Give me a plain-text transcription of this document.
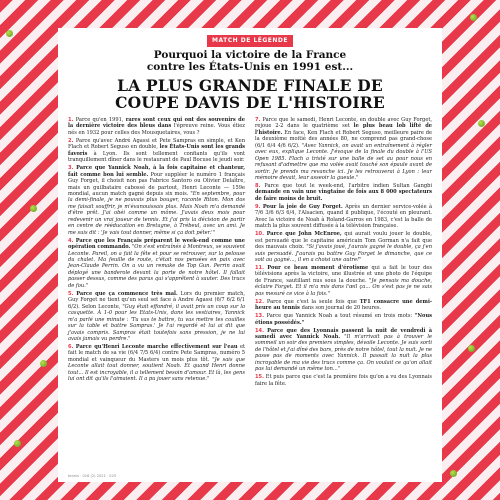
MATCH DE LÉGENDE

Pourquoi la victoire de la France
contre les États-Unis en 1991 est...
LA PLUS GRANDE FINALE DE
COUPE DAVIS DE L'HISTOIRE

1. Parce qu'en 1991, rares sont ceux qui ont des souvenirs de la dernière victoire des bleus dans l'épreuve reine. Vous étiez nés en 1932 pour celles des Mousquetaires, vous ?

2. Parce qu'avec André Agassi et Pete Sampras en simple, et Ken Flach et Robert Seguso en double, les États-Unis sont les grands favoris à Lyon. Ils sont tellement confiants qu'ils vont tranquillement dîner dans le restaurant de Paul Bocuse le jeudi soir.

3. Parce que Yannick Noah, à la fois capitaine et chanteur, fait comme bon lui semble. Pour suppléer le numéro 1 français Guy Forget, il choisit non pas Fabrice Santoro ou Olivier Delaître, mais un guilbataire cabossé de partout, Henri Leconte — 159e mondial, aucun match gagné depuis six mois. "En septembre, pour la demi-finale, je ne pouvais plus bouger, raconte Riton. Mon dos me faisait souffrir, je m'évanouissais plus. Mais Noah m'a demandé d'être prêt. J'ai obéi comme un môme. J'avais deux mois pour redevenir un vrai joueur de tennis. Et j'ai pris la décision de partir en centre de rééducation en Bretagne, à Trébeul, avec un ami. Je me suis dit : 'Je vais tout donner, même si ça doit péter.'"

4. Parce que les Français préparent le week-end comme une opération commando. "On s'est entraînés à Montreux, se souvient Leconte. Pareil, on a fait la fête et pour se retrouver, sur la pelouse du chalet. Ma feuille de route, c'était nos pensées en paix avec Jean-Claude Perrin. On a vu un remake de Top Gun. Perrin avait déployé une banderole devant la porte de notre hôtel. Il fallait passer dessus, comme des paras qui s'apprêtent à sauter. Des trucs de fou."

5. Parce que ça commence très mal. Lors du premier match, Guy Forget ne tient qu'un seul set face à Andre Agassi (6/7 6/2 6/1 6/2). Selon Leconte, "Guy était effondré, il avait pris un coup sur la casquette. À 1-0 pour les Etats-Unis, dans les vestiaires, Yannick m'a parlé une minute : 'Tu vas te battre, tu vas mettre tes couilles sur la table et battre Sampras.' Je l'ai regardé et lui ai dit que j'avais compris. Sampras était toutefois sans pression, je ne lui avais jamais vu perdre."

6. Parce qu'Henri Leconte marche effectivement sur l'eau et fait le match de sa vie (6/4 7/5 6/4) contre Pete Sampras, numéro 5 mondial et vainqueur du Masters un mois plus tôt. "Je sais que Leconte allait tout donner, soutient Noah. Et quand Henri donne tout... Il est incroyable, il a tellement besoin d'amour. Et là, les gens lui ont dit qu'ils l'aimaient. Il a pu jouer sans retenue."

7. Parce que le samedi, Henri Leconte, en double avec Guy Forget, rejoue 2-2 dans le quatrième set le plus beau lob lifté de l'histoire. En face, Ken Flach et Robert Seguso, meilleure paire de la deuxième moitié des années 80, ne comprend pas grand-chose (6/1 6/4 4/6 6/2). "Avec Yannick, on avait un entraînement à régler avec eux, explique Leconte. J'évoque de la finale du double à l'US Open 1985. Flach a tristé sur une balle de set au pour nous en refusant d'admettre que ma volée avait touché son épaule avant de sortir. Je prends ma revanche ici. Je les retrouverai à Lyon : leur mémoire devait, leur asseoir la gueule."

8. Parce que tout le week-end, l'arbitre indien Sultan Gangbi demande en vain une vingtaine de fois aux 8 000 spectateurs de faire moins de bruit.

9. Pour la joie de Guy Forget. Après un dernier service-volée à 7/6 3/6 6/3 6/4, l'Alsacien, quand il publique, l'écouté en pleurant. Avec la victoire de Noah à Roland-Garros en 1983, c'est la balle de match la plus souvent diffusée à la télévision française.

10. Parce que John McEnroe, qui aurait voulu jouer le double, est persuadé que le capitaine américain Tom Gorman n'a fait que des mauvais choix. "Si j'avais joué, j'aurais gagné le double, ça j'en suis persuadé. J'aurais pu battre Guy Forget le dimanche, que ce soit au gagné..., il en a choisi une autre!"

11. Pour ce beau moment d'érotisme qui a fait le tour des télévisions après la victoire, une illustrée et une photo de l'équipe de France, sautillant nus sous la douche. "Je pensais ma douche, éclaire Forget. Et il m'a mis dans l'œil ça... On s'est pas je ne sais pas mesuré ce vice à la fois."

12. Parce que c'est la seule fois que TF1 consacre une demi-heure au tennis dans son journal de 20 heures.

13. Parce que Yannick Noah a tout résumé en trois mots: "Nous étions possédés."

14. Parce que des Lyonnais passent la nuit de vendredi à samedi avec Yannick Noah. "Il m'arrivait pas à trouver le sommeil un soir des premiers simples, dévoile Leconte. Je suis sorti de l'hôtel et j'ai dîné des bars, près de notre hôtel, tout la nuit. Je ne passe pas de moments avec Yannick. Il passait la nuit la plus incroyable de ma vie des trucs comme ça. On voulait ce qu'on allait pas lui demandé un même ton..."

15. Et puis parce que c'est la première fois qu'on a vu des Lyonnais faire la fête.

tennis · 016 (2) 2021 · 025
